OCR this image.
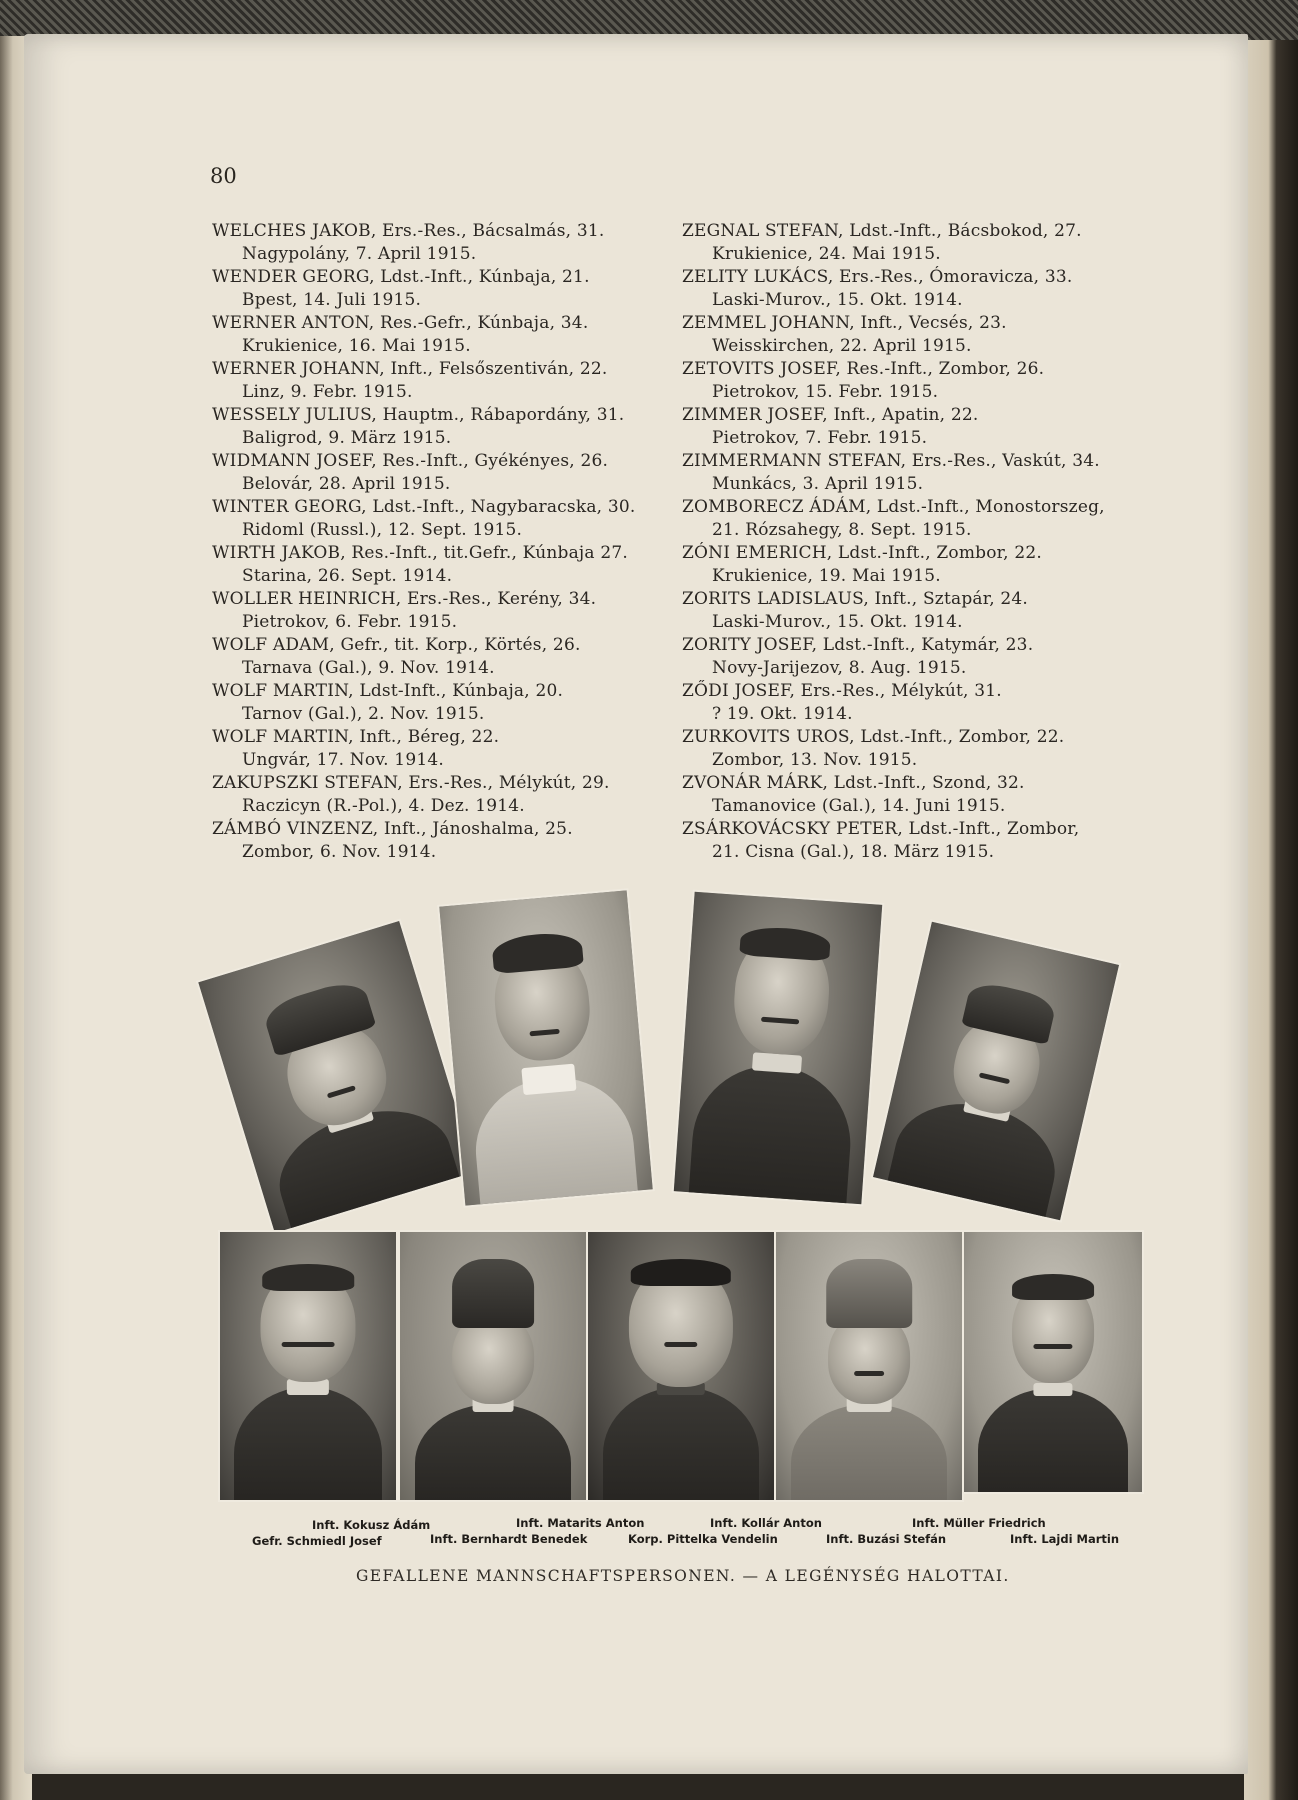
80
WELCHES JAKOB, Ers.-Res., Bácsalmás, 31.
Nagypolány, 7. April 1915.
WENDER GEORG, Ldst.-Inft., Kúnbaja, 21.
Bpest, 14. Juli 1915.
WERNER ANTON, Res.-Gefr., Kúnbaja, 34.
Krukienice, 16. Mai 1915.
WERNER JOHANN, Inft., Felsőszentiván, 22.
Linz, 9. Febr. 1915.
WESSELY JULIUS, Hauptm., Rábapordány, 31.
Baligrod, 9. März 1915.
WIDMANN JOSEF, Res.-Inft., Gyékényes, 26.
Belovár, 28. April 1915.
WINTER GEORG, Ldst.-Inft., Nagybaracska, 30.
Ridoml (Russl.), 12. Sept. 1915.
WIRTH JAKOB, Res.-Inft., tit.Gefr., Kúnbaja 27.
Starina, 26. Sept. 1914.
WOLLER HEINRICH, Ers.-Res., Kerény, 34.
Pietrokov, 6. Febr. 1915.
WOLF ADAM, Gefr., tit. Korp., Körtés, 26.
Tarnava (Gal.), 9. Nov. 1914.
WOLF MARTIN, Ldst-Inft., Kúnbaja, 20.
Tarnov (Gal.), 2. Nov. 1915.
WOLF MARTIN, Inft., Béreg, 22.
Ungvár, 17. Nov. 1914.
ZAKUPSZKI STEFAN, Ers.-Res., Mélykút, 29.
Raczicyn (R.-Pol.), 4. Dez. 1914.
ZÁMBÓ VINZENZ, Inft., Jánoshalma, 25.
Zombor, 6. Nov. 1914.
ZEGNAL STEFAN, Ldst.-Inft., Bácsbokod, 27.
Krukienice, 24. Mai 1915.
ZELITY LUKÁCS, Ers.-Res., Ómoravicza, 33.
Laski-Murov., 15. Okt. 1914.
ZEMMEL JOHANN, Inft., Vecsés, 23.
Weisskirchen, 22. April 1915.
ZETOVITS JOSEF, Res.-Inft., Zombor, 26.
Pietrokov, 15. Febr. 1915.
ZIMMER JOSEF, Inft., Apatin, 22.
Pietrokov, 7. Febr. 1915.
ZIMMERMANN STEFAN, Ers.-Res., Vaskút, 34.
Munkács, 3. April 1915.
ZOMBORECZ ÁDÁM, Ldst.-Inft., Monostorszeg,
21. Rózsahegy, 8. Sept. 1915.
ZÓNI EMERICH, Ldst.-Inft., Zombor, 22.
Krukienice, 19. Mai 1915.
ZORITS LADISLAUS, Inft., Sztapár, 24.
Laski-Murov., 15. Okt. 1914.
ZORITY JOSEF, Ldst.-Inft., Katymár, 23.
Novy-Jarijezov, 8. Aug. 1915.
ZŐDI JOSEF, Ers.-Res., Mélykút, 31.
? 19. Okt. 1914.
ZURKOVITS UROS, Ldst.-Inft., Zombor, 22.
Zombor, 13. Nov. 1915.
ZVONÁR MÁRK, Ldst.-Inft., Szond, 32.
Tamanovice (Gal.), 14. Juni 1915.
ZSÁRKOVÁCSKY PETER, Ldst.-Inft., Zombor,
21. Cisna (Gal.), 18. März 1915.
Inft. Kokusz Ádám	Inft. Matarits Anton	Inft. Kollár Anton	Inft. Müller Friedrich
Gefr. Schmiedl Josef	Inft. Bernhardt Benedek	Korp. Pittelka Vendelin	Inft. Buzási Stefán	Inft. Lajdi Martin
GEFALLENE MANNSCHAFTSPERSONEN. — A LEGÉNYSÉG HALOTTAI.
